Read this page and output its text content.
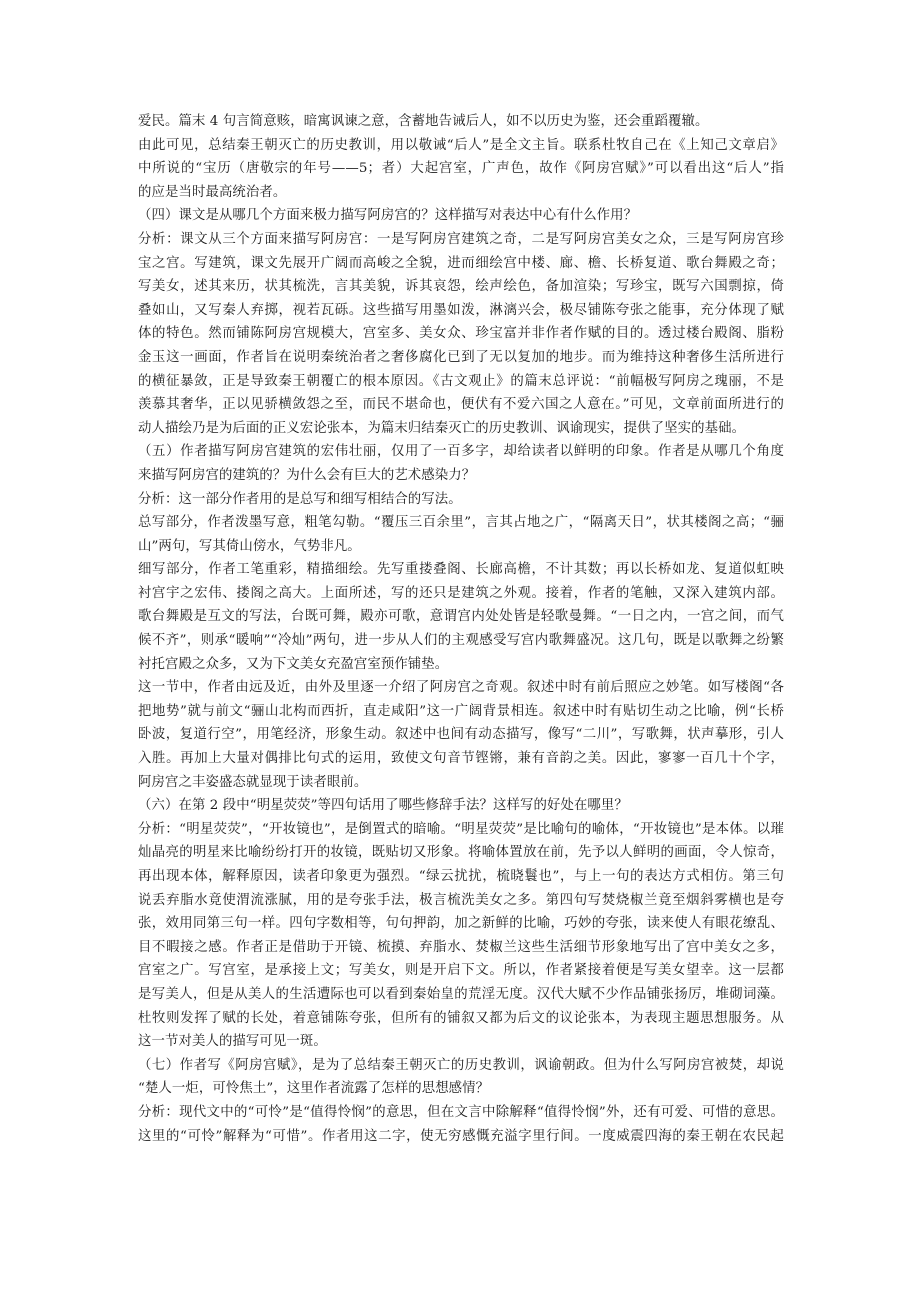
爱民。篇末 4 句言简意赅，暗寓讽谏之意，含蓄地告诫后人，如不以历史为鉴，还会重蹈覆辙。
由此可见，总结秦王朝灭亡的历史教训，用以敬诫“后人”是全文主旨。联系杜牧自己在《上知己文章启》
中所说的“宝历（唐敬宗的年号——5；者）大起宫室，广声色，故作《阿房宫赋》”可以看出这“后人”指
的应是当时最高统治者。
（四）课文是从哪几个方面来极力描写阿房宫的？这样描写对表达中心有什么作用？
分析：课文从三个方面来描写阿房宫：一是写阿房宫建筑之奇，二是写阿房宫美女之众，三是写阿房宫珍
宝之宫。写建筑，课文先展开广阔而高峻之全貌，进而细绘宫中楼、廊、檐、长桥复道、歌台舞殿之奇；
写美女，述其来历，状其梳洗，言其美貌，诉其哀怨，绘声绘色，备加渲染；写珍宝，既写六国剽掠，倚
叠如山，又写秦人弃掷，视若瓦砾。这些描写用墨如泼，淋漓兴会，极尽铺陈夸张之能事，充分体现了赋
体的特色。然而铺陈阿房宫规模大，宫室多、美女众、珍宝富并非作者作赋的目的。透过楼台殿阁、脂粉
金玉这一画面，作者旨在说明秦统治者之奢侈腐化已到了无以复加的地步。而为维持这种奢侈生活所进行
的横征暴敛，正是导致秦王朝覆亡的根本原因。《古文观止》的篇末总评说：“前幅极写阿房之瑰丽，不是
羡慕其奢华，正以见骄横敛怨之至，而民不堪命也，便伏有不爱六国之人意在。”可见，文章前面所进行的
动人描绘乃是为后面的正义宏论张本，为篇末归结秦灭亡的历史教训、讽谕现实，提供了坚实的基础。
（五）作者描写阿房宫建筑的宏伟壮丽，仅用了一百多字，却给读者以鲜明的印象。作者是从哪几个角度
来描写阿房宫的建筑的？为什么会有巨大的艺术感染力？
分析：这一部分作者用的是总写和细写相结合的写法。
总写部分，作者泼墨写意，粗笔勾勒。“覆压三百余里”，言其占地之广，“隔离天日”，状其楼阁之高；“骊
山”两句，写其倚山傍水，气势非凡。
细写部分，作者工笔重彩，精描细绘。先写重搂叠阁、长廊高檐，不计其数；再以长桥如龙、复道似虹映
衬宫宇之宏伟、搂阁之高大。上面所述，写的还只是建筑之外观。接着，作者的笔触，又深入建筑内部。
歌台舞殿是互文的写法，台既可舞，殿亦可歌，意谓宫内处处皆是轻歌曼舞。“一日之内，一宫之间，而气
候不齐”，则承“暖响”“冷灿”两句，进一步从人们的主观感受写宫内歌舞盛况。这几句，既是以歌舞之纷繁
衬托宫殿之众多，又为下文美女充盈宫室预作铺垫。
这一节中，作者由远及近，由外及里逐一介绍了阿房宫之奇观。叙述中时有前后照应之妙笔。如写楼阁“各
把地势”就与前文“骊山北构而西折，直走咸阳”这一广阔背景相连。叙述中时有贴切生动之比喻，例“长桥
卧波，复道行空”，用笔经济，形象生动。叙述中也间有动态描写，像写“二川”，写歌舞，状声摹形，引人
入胜。再加上大量对偶排比句式的运用，致使文句音节铿锵，兼有音韵之美。因此，寥寥一百几十个字，
阿房宫之丰姿盛态就显现于读者眼前。
（六）在第 2 段中“明星荧荧”等四句话用了哪些修辞手法？这样写的好处在哪里？
分析：“明星荧荧”，“开妆镜也”，是倒置式的暗喻。“明星荧荧”是比喻句的喻体，“开妆镜也”是本体。以璀
灿晶亮的明星来比喻纷纷打开的妆镜，既贴切又形象。将喻体置放在前，先予以人鲜明的画面，令人惊奇，
再出现本体，解释原因，读者印象更为强烈。“绿云扰扰，梳晓鬟也”，与上一句的表达方式相仿。第三句
说丢弃脂水竟使渭流涨腻，用的是夸张手法，极言梳洗美女之多。第四句写焚烧椒兰竟至烟斜雾横也是夸
张，效用同第三句一样。四句字数相等，句句押韵，加之新鲜的比喻，巧妙的夸张，读来使人有眼花缭乱、
目不暇接之感。作者正是借助于开镜、梳摸、弃脂水、焚椒兰这些生活细节形象地写出了宫中美女之多，
宫室之广。写宫室，是承接上文；写美女，则是开启下文。所以，作者紧接着便是写美女望幸。这一层都
是写美人，但是从美人的生活遭际也可以看到秦始皇的荒淫无度。汉代大赋不少作品铺张扬厉，堆砌词藻。
杜牧则发挥了赋的长处，着意铺陈夸张，但所有的铺叙又都为后文的议论张本，为表现主题思想服务。从
这一节对美人的描写可见一斑。
（七）作者写《阿房宫赋》，是为了总结秦王朝灭亡的历史教训，讽谕朝政。但为什么写阿房宫被焚，却说
“楚人一炬，可怜焦土”，这里作者流露了怎样的思想感情？
分析：现代文中的“可怜”是“值得怜悯”的意思，但在文言中除解释“值得怜悯”外，还有可爱、可惜的意思。
这里的“可怜”解释为“可惜”。作者用这二字，使无穷感慨充溢字里行间。一度威震四海的秦王朝在农民起
